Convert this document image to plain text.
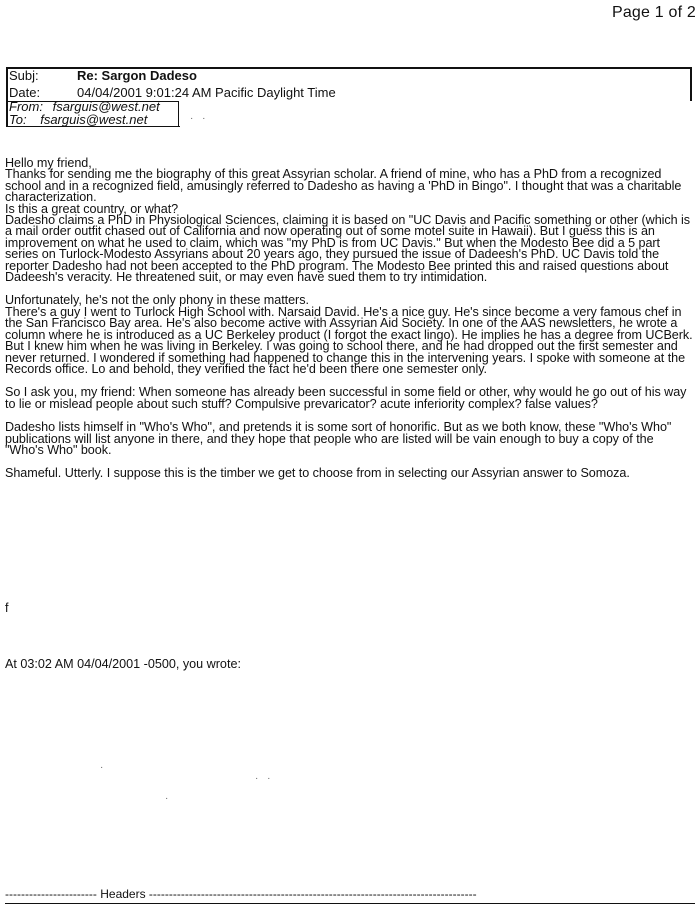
Page 1 of 2
Subj:	Re: Sargon Dadeso
Date:	04/04/2001 9:01:24 AM Pacific Daylight Time
From: fsarguis@west.net
To: fsarguis@west.net	· ·

Hello my friend,

Thanks for sending me the biography of this great Assyrian scholar. A friend of mine, who has a PhD from a recognized school and in a recognized field, amusingly referred to Dadesho as having a 'PhD in Bingo". I thought that was a charitable characterization.

Is this a great country, or what?

Dadesho claims a PhD in Physiological Sciences, claiming it is based on "UC Davis and Pacific something or other (which is a mail order outfit chased out of California and now operating out of some motel suite in Hawaii). But I guess this is an improvement on what he used to claim, which was "my PhD is from UC Davis." But when the Modesto Bee did a 5 part series on Turlock-Modesto Assyrians about 20 years ago, they pursued the issue of Dadeesh's PhD. UC Davis told the reporter Dadesho had not been accepted to the PhD program. The Modesto Bee printed this and raised questions about Dadeesh's veracity. He threatened suit, or may even have sued them to try intimidation.

Unfortunately, he's not the only phony in these matters.

There's a guy I went to Turlock High School with. Narsaid David. He's a nice guy. He's since become a very famous chef in the San Francisco Bay area. He's also become active with Assyrian Aid Society. In one of the AAS newsletters, he wrote a column where he is introduced as a UC Berkeley product (I forgot the exact lingo). He implies he has a degree from UCBerk. But I knew him when he was living in Berkeley. I was going to school there, and he had dropped out the first semester and never returned. I wondered if something had happened to change this in the intervening years. I spoke with someone at the Records office. Lo and behold, they verified the fact he'd been there one semester only.

So I ask you, my friend: When someone has already been successful in some field or other, why would he go out of his way to lie or mislead people about such stuff? Compulsive prevaricator? acute inferiority complex? false values?

Dadesho lists himself in "Who's Who", and pretends it is some sort of honorific. But as we both know, these "Who's Who" publications will list anyone in there, and they hope that people who are listed will be vain enough to buy a copy of the "Who's Who" book.

Shameful. Utterly. I suppose this is the timber we get to choose from in selecting our Assyrian answer to Somoza.

f
At 03:02 AM 04/04/2001 -0500, you wrote:
·
· ·
·
----------------------- Headers ----------------------------------------------------------------------------------
